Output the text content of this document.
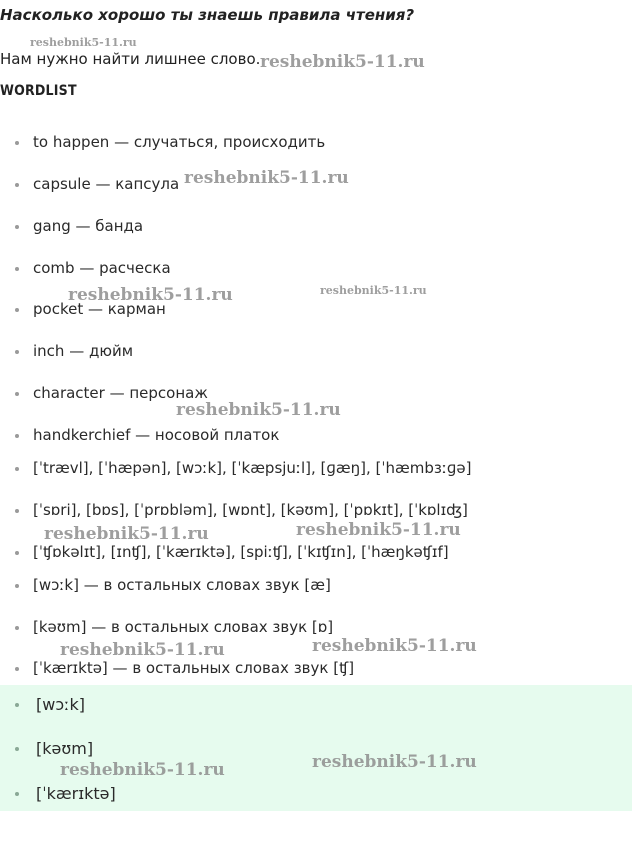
Насколько хорошо ты знаешь правила чтения?
reshebnik5-11.ru
Нам нужно найти лишнее слово. reshebnik5-11.ru
WORDLIST
to happen — случаться, происходить
capsule — капсула
gang — банда
comb — расческа
pocket — карман
inch — дюйм
character — персонаж
handkerchief — носовой платок
[ˈtrævl], [ˈhæpən], [wɔːk], [ˈkæpsjuːl], [ɡæŋ], [ˈhæmbɜːɡə]
[ˈsɒri], [bɒs], [ˈprɒbləm], [wɒnt], [kəʊm], [ˈpɒkɪt], [ˈkɒlɪʤ]
[ˈʧɒkəlɪt], [ɪnʧ], [ˈkærɪktə], [spiːʧ], [ˈkɪʧɪn], [ˈhæŋkəʧɪf]
[wɔːk] — в остальных словах звук [æ]
[kəʊm] — в остальных словах звук [ɒ]
[ˈkærɪktə] — в остальных словах звук [ʧ]
[wɔːk]
[kəʊm]
[ˈkærɪktə]
reshebnik5-11.ru
reshebnik5-11.ru	reshebnik5-11.ru
reshebnik5-11.ru
reshebnik5-11.ru	reshebnik5-11.ru
reshebnik5-11.ru	reshebnik5-11.ru
reshebnik5-11.ru	reshebnik5-11.ru
